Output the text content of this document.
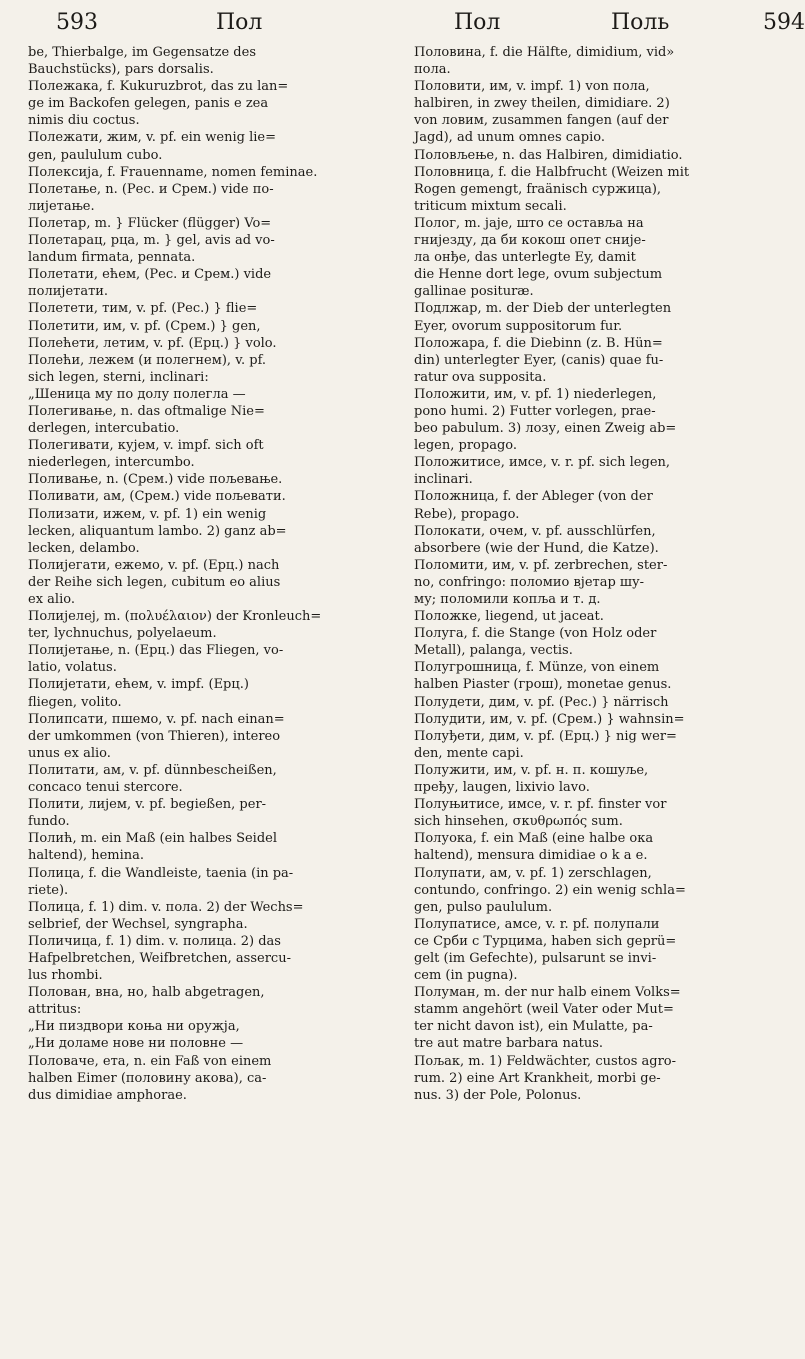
593	Пол	Пол	Поль	594

be, Thierbalge, im Gegensatze des
Bauchstücks), pars dorsalis.

Полежака, f. Kukuruzbrot, das zu lan=
ge im Backofen gelegen, panis e zea
nimis diu coctus.

Полежати, жим, v. pf. ein wenig lie=
gen, paululum cubo.

Полексија, f. Frauenname, nomen feminae.

Полетање, n. (Рес. и Срем.) vide по-
лијетање.

Полетар, m. } Flücker (flügger) Vo=
Полетарац, рца, m. } gel, avis ad vo-
landum firmata, pennata.

Полетати, ећем, (Рес. и Срем.) vide
полијетати.

Полетети, тим, v. pf. (Рес.) } flie=
Полетити, им, v. pf. (Срем.) } gen,
Полећети, летим, v. pf. (Ерц.) } volo.

Полећи, лежем (и полегнем), v. pf.
sich legen, sterni, inclinari:
„Шеница му по долу полегла —

Полегивање, n. das oftmalige Nie=
derlegen, intercubatio.

Полегивати, кујем, v. impf. sich oft
niederlegen, intercumbo.

Поливање, n. (Срем.) vide пољевање.

Поливати, ам, (Срем.) vide пољевати.

Полизати, ижем, v. pf. 1) ein wenig
lecken, aliquantum lambo. 2) ganz ab=
lecken, delambo.

Полијегати, ежемо, v. pf. (Ерц.) nach
der Reihe sich legen, cubitum eo alius
ex alio.

Полијелеј, m. (πολυέλαιον) der Kronleuch=
ter, lychnuchus, polyelaeum.

Полијетање, n. (Ерц.) das Fliegen, vo-
latio, volatus.

Полијетати, ећем, v. impf. (Ерц.)
fliegen, volito.

Полипсати, пшемо, v. pf. nach einan=
der umkommen (von Thieren), intereo
unus ex alio.

Политати, ам, v. pf. dünnbescheißen,
concaco tenui stercore.

Полити, лијем, v. pf. begießen, per-
fundo.

Полић, m. ein Maß (ein halbes Seidel
haltend), hemina.

Полица, f. die Wandleiste, taenia (in pa-
riete).

Полица, f. 1) dim. v. пола. 2) der Wechs=
selbrief, der Wechsel, syngrapha.

Поличица, f. 1) dim. v. полица. 2) das
Hafpelbretchen, Weifbretchen, assercu-
lus rhombi.

Полован, вна, но, halb abgetragen,
attritus:
„Ни пиздвори коња ни оружја,
„Ни доламе нове ни половне —

Половаче, ета, n. ein Faß von einem
halben Eimer (половину акова), ca-
dus dimidiae amphorae.

Половина, f. die Hälfte, dimidium, vid»
пола.

Половити, им, v. impf. 1) von пола,
halbiren, in zwey theilen, dimidiare. 2)
von ловим, zusammen fangen (auf der
Jagd), ad unum omnes capio.

Половљење, n. das Halbiren, dimidiatio.

Половница, f. die Halbfrucht (Weizen mit
Rogen gemengt, fraänisch суржица),
triticum mixtum secali.

Полог, m. jaje, што се оставља на
гнијезду, да би кокош опет сније-
ла онђе, das unterlegte Ey, damit
die Henne dort lege, ovum subjectum
gallinae posituræ.

Подлжар, m. der Dieb der unterlegten
Eyer, ovorum suppositorum fur.

Положара, f. die Diebinn (z. B. Hün=
din) unterlegter Eyer, (canis) quae fu-
ratur ova supposita.

Положити, им, v. pf. 1) niederlegen,
pono humi. 2) Futter vorlegen, prae-
beo pabulum. 3) лозу, einen Zweig ab=
legen, propago.

Положитисе, имсе, v. r. pf. sich legen,
inclinari.

Положница, f. der Ableger (von der
Rebe), propago.

Полокати, очем, v. pf. ausschlürfen,
absorbere (wie der Hund, die Katze).

Поломити, им, v. pf. zerbrechen, ster-
no, confringo: поломио вјетар шу-
му; поломили копља и т. д.

Положке, liegend, ut jaceat.

Полуга, f. die Stange (von Holz oder
Metall), palanga, vectis.

Полугрошница, f. Münze, von einem
halben Piaster (грош), monetae genus.

Полудети, дим, v. pf. (Рес.) } närrisch
Полудити, им, v. pf. (Срем.) } wahnsin=
Полуђети, дим, v. pf. (Ерц.) } nig wer=
den, mente capi.

Полужити, им, v. pf. н. п. кошуље,
пређу, laugen, lixivio lavo.

Полуњитисе, имсе, v. r. pf. finster vor
sich hinsehen, σκυθρωπός sum.

Полуока, f. ein Maß (eine halbe ока
haltend), mensura dimidiae o k a e.

Полупати, ам, v. pf. 1) zerschlagen,
contundo, confringo. 2) ein wenig schla=
gen, pulso paululum.

Полупатисе, амсе, v. r. pf. полупали
се Срби с Турцима, haben sich geprü=
gelt (im Gefechte), pulsarunt se invi-
cem (in pugna).

Полуман, m. der nur halb einem Volks=
stamm angehört (weil Vater oder Mut=
ter nicht davon ist), ein Mulatte, pa-
tre aut matre barbara natus.

Пољак, m. 1) Feldwächter, custos agro-
rum. 2) eine Art Krankheit, morbi ge-
nus. 3) der Pole, Polonus.
